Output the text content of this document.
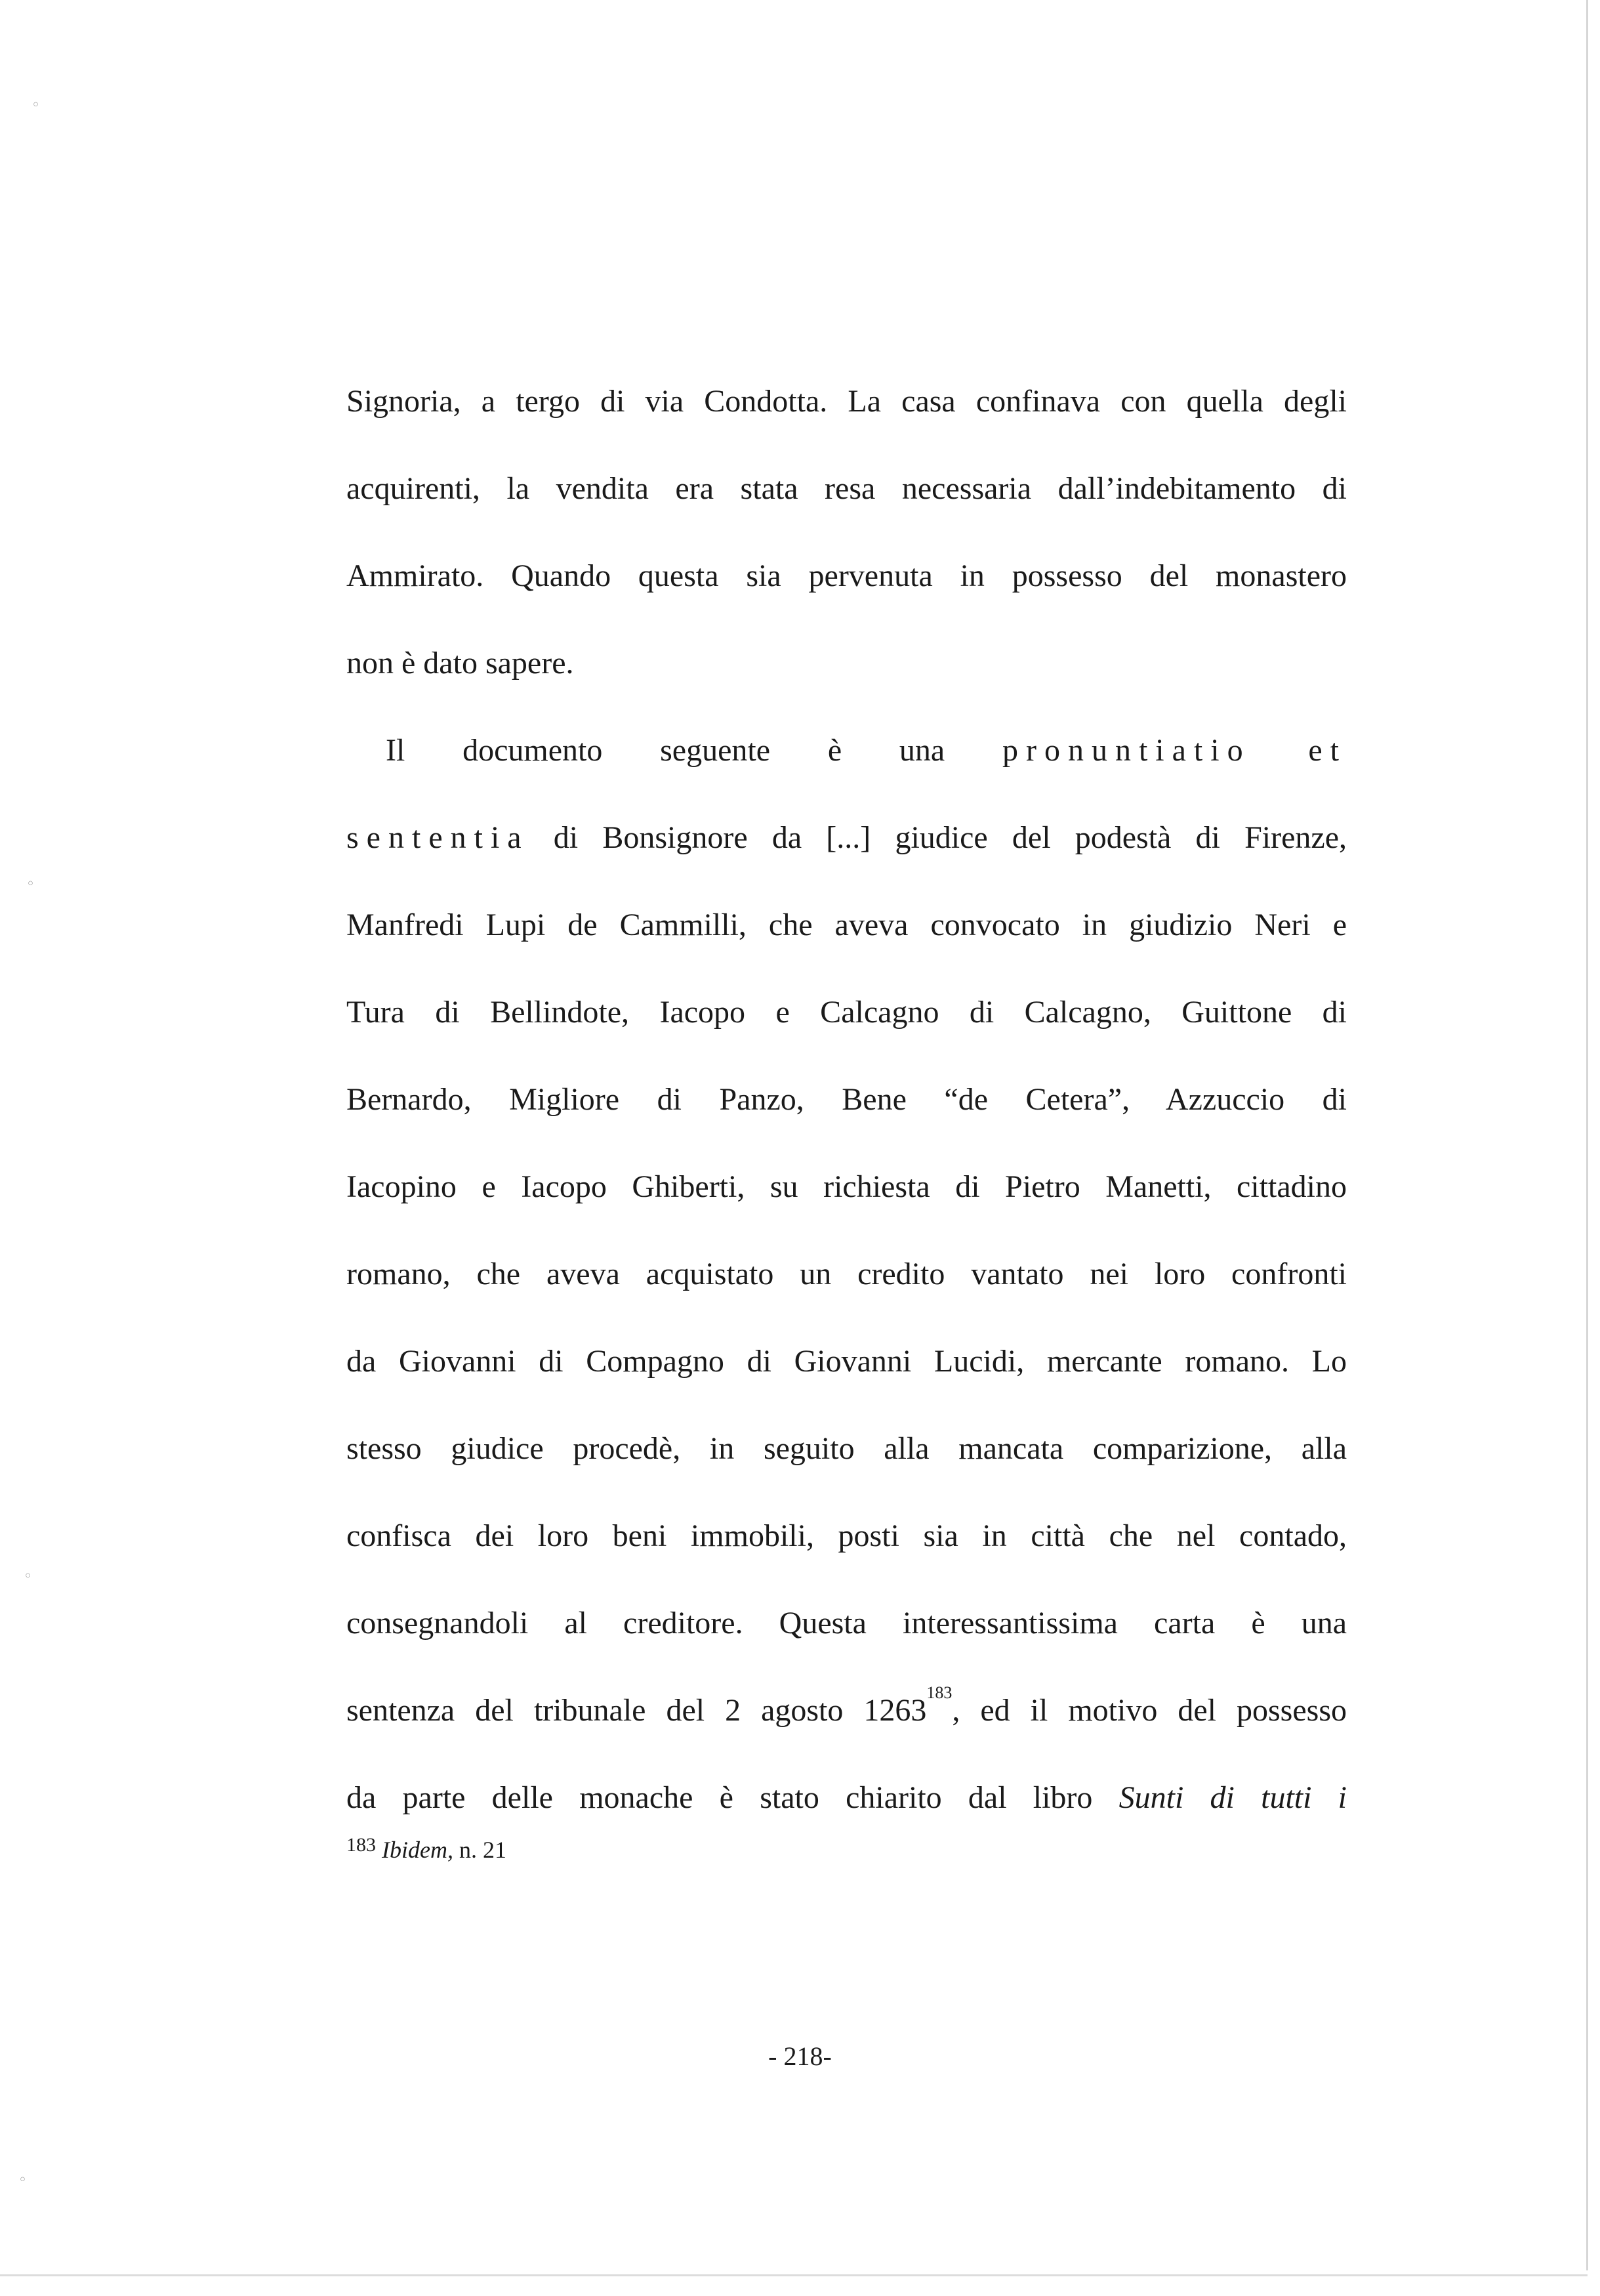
◦
◦
◦
◦
Signoria, a tergo di via Condotta. La casa confinava con quella degli
acquirenti, la vendita era stata resa necessaria dall’indebitamento di
Ammirato. Quando questa sia pervenuta in possesso del monastero
non è dato sapere.
Il documento seguente è una pronuntiatio et
sententia di Bonsignore da [...] giudice del podestà di Firenze,
Manfredi Lupi de Cammilli, che aveva convocato in giudizio Neri e
Tura di Bellindote, Iacopo e Calcagno di Calcagno, Guittone di
Bernardo, Migliore di Panzo, Bene “de Cetera”, Azzuccio di
Iacopino e Iacopo Ghiberti, su richiesta di Pietro Manetti, cittadino
romano, che aveva acquistato un credito vantato nei loro confronti
da Giovanni di Compagno di Giovanni Lucidi, mercante romano. Lo
stesso giudice procedè, in seguito alla mancata comparizione, alla
confisca dei loro beni immobili, posti sia in città che nel contado,
consegnandoli al creditore. Questa interessantissima carta è una
sentenza del tribunale del 2 agosto 1263$^{183}$, ed il motivo del possesso
da parte delle monache è stato chiarito dal libro Sunti di tutti i
$^{183}$ Ibidem, n. 21
- 218-
